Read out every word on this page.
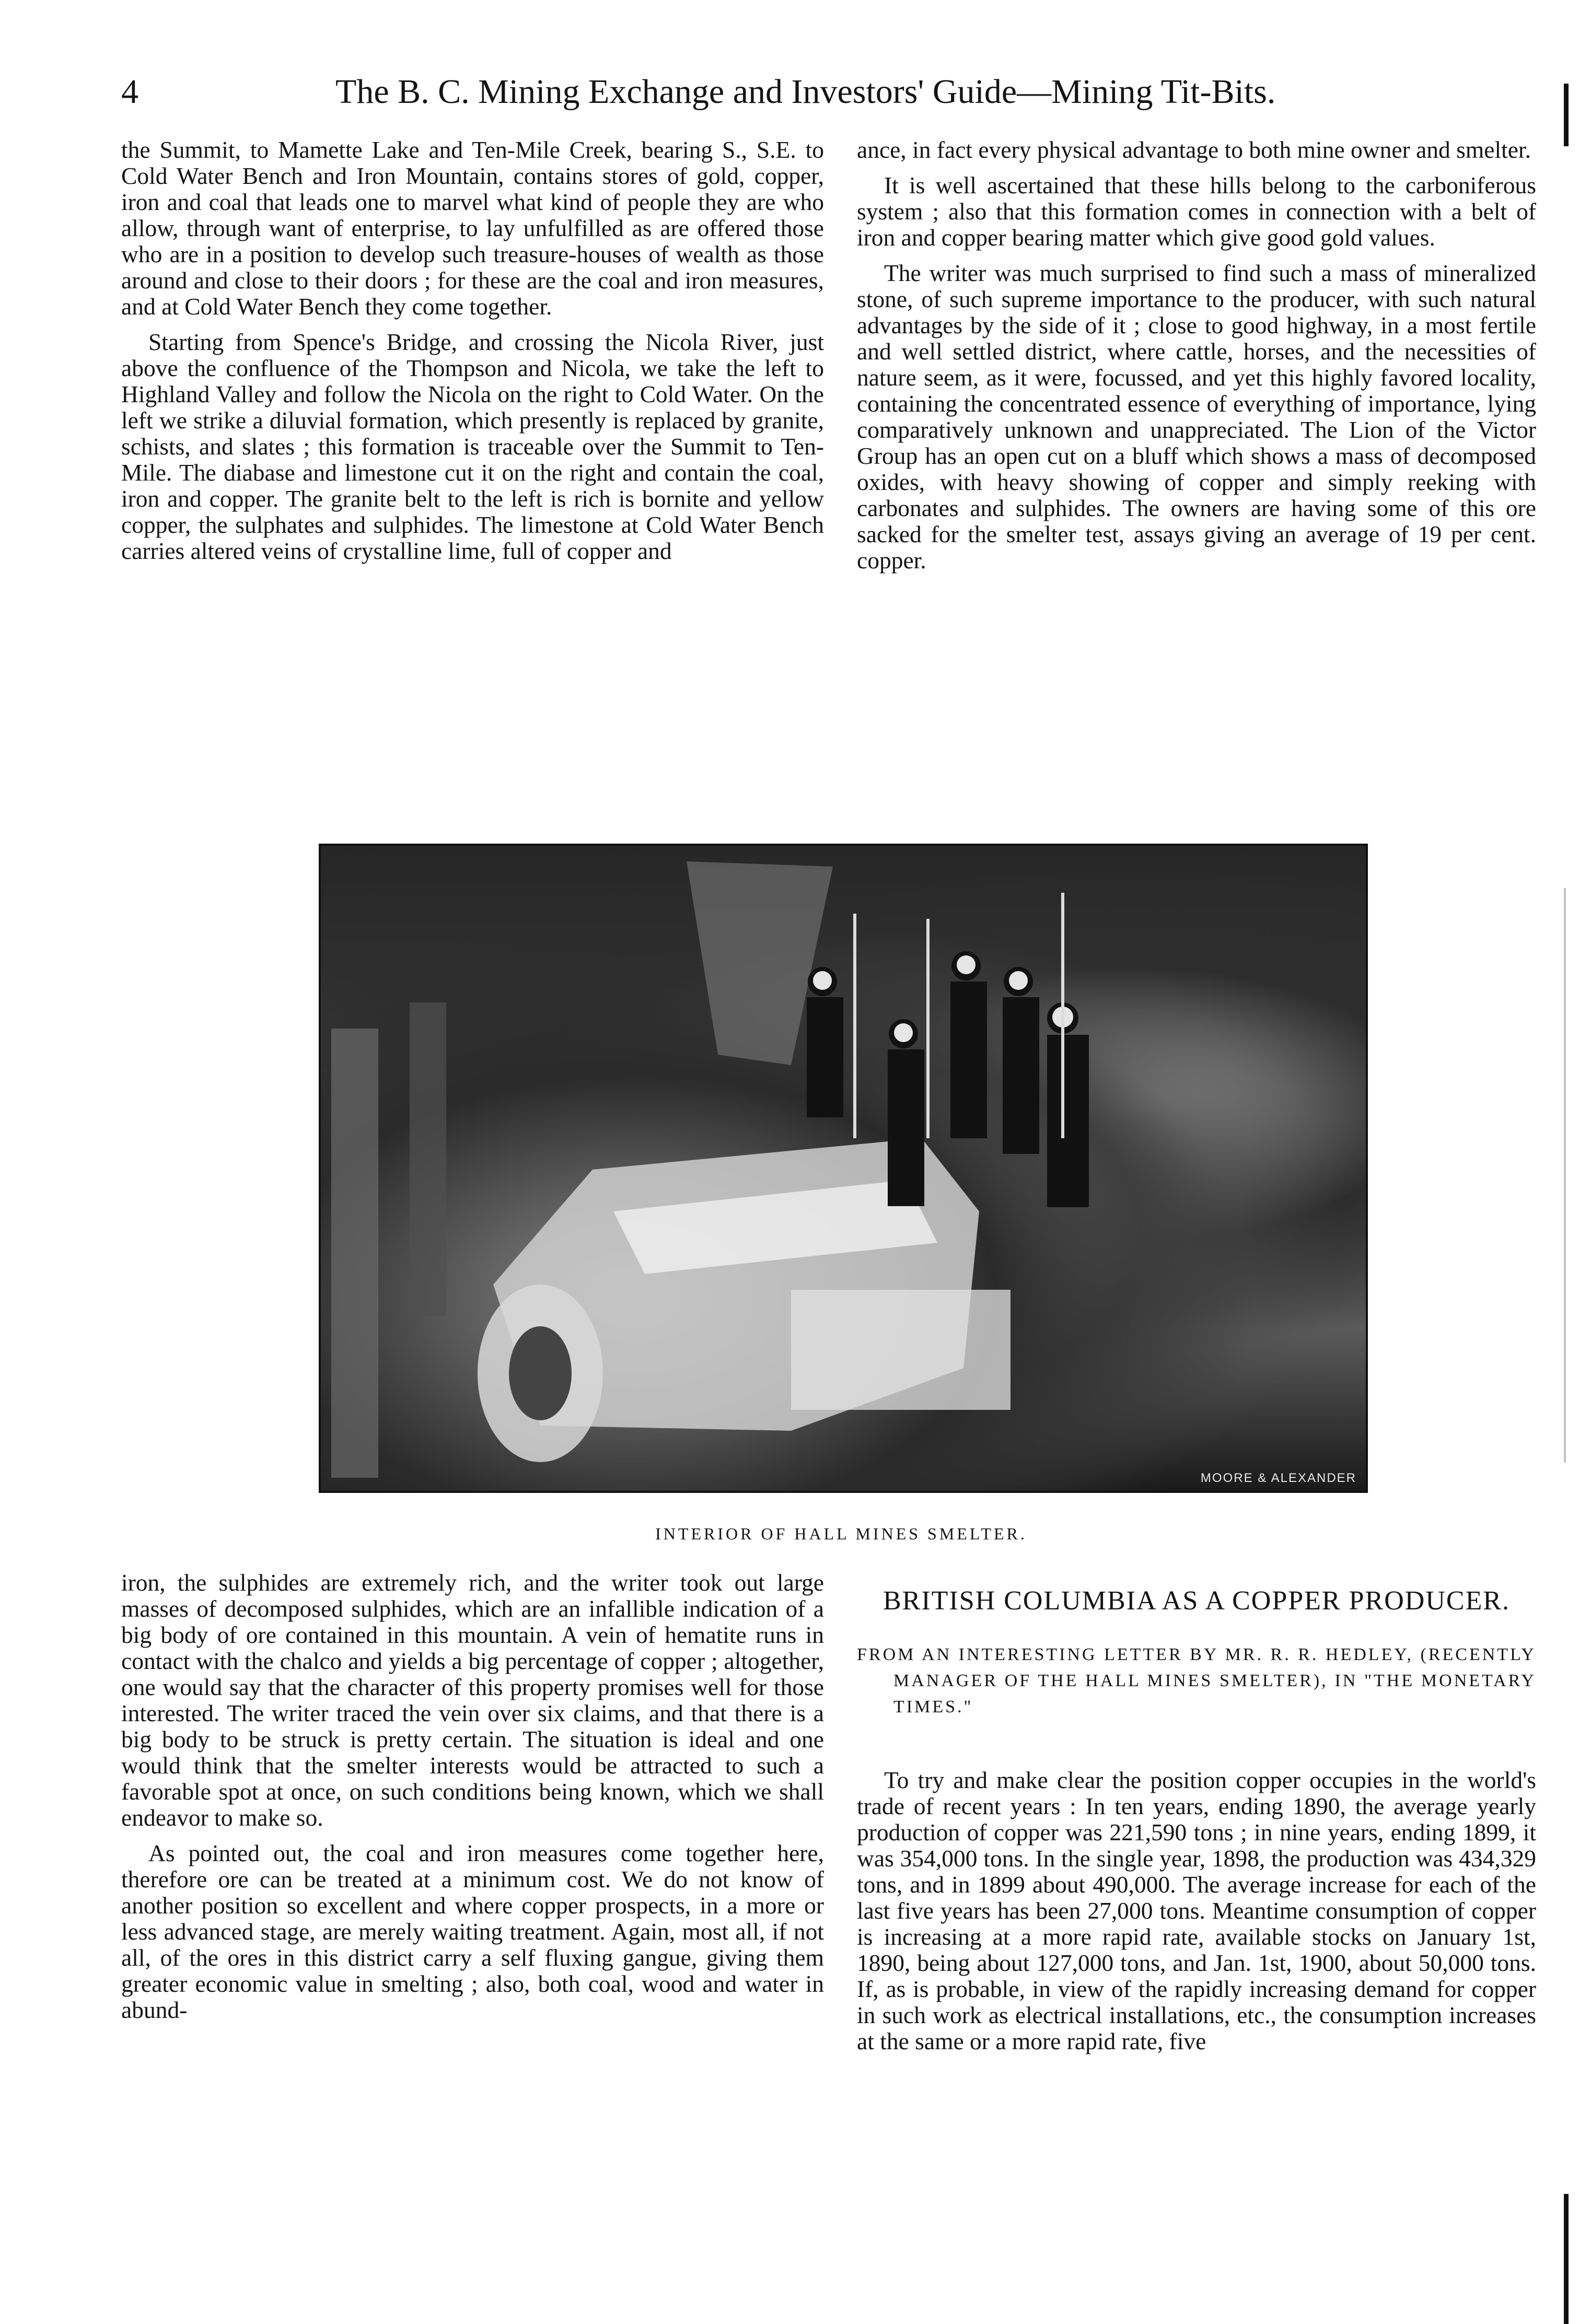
4	The B. C. Mining Exchange and Investors' Guide—Mining Tit-Bits.

the Summit, to Mamette Lake and Ten-Mile Creek, bearing S., S.E. to Cold Water Bench and Iron Mountain, contains stores of gold, copper, iron and coal that leads one to marvel what kind of people they are who allow, through want of enterprise, to lay unfulfilled as are offered those who are in a position to develop such treasure-houses of wealth as those around and close to their doors ; for these are the coal and iron measures, and at Cold Water Bench they come together.

Starting from Spence's Bridge, and crossing the Nicola River, just above the confluence of the Thompson and Nicola, we take the left to Highland Valley and follow the Nicola on the right to Cold Water. On the left we strike a diluvial formation, which presently is replaced by granite, schists, and slates ; this formation is traceable over the Summit to Ten-Mile. The diabase and limestone cut it on the right and contain the coal, iron and copper. The granite belt to the left is rich is bornite and yellow copper, the sulphates and sulphides. The limestone at Cold Water Bench carries altered veins of crystalline lime, full of copper and

ance, in fact every physical advantage to both mine owner and smelter.

It is well ascertained that these hills belong to the carboniferous system ; also that this formation comes in connection with a belt of iron and copper bearing matter which give good gold values.

The writer was much surprised to find such a mass of mineralized stone, of such supreme importance to the producer, with such natural advantages by the side of it ; close to good highway, in a most fertile and well settled district, where cattle, horses, and the necessities of nature seem, as it were, focussed, and yet this highly favored locality, containing the concentrated essence of everything of importance, lying comparatively unknown and unappreciated. The Lion of the Victor Group has an open cut on a bluff which shows a mass of decomposed oxides, with heavy showing of copper and simply reeking with carbonates and sulphides. The owners are having some of this ore sacked for the smelter test, assays giving an average of 19 per cent. copper.

MOORE & ALEXANDER
INTERIOR OF HALL MINES SMELTER.

iron, the sulphides are extremely rich, and the writer took out large masses of decomposed sulphides, which are an infallible indication of a big body of ore contained in this mountain. A vein of hematite runs in contact with the chalco and yields a big percentage of copper ; altogether, one would say that the character of this property promises well for those interested. The writer traced the vein over six claims, and that there is a big body to be struck is pretty certain. The situation is ideal and one would think that the smelter interests would be attracted to such a favorable spot at once, on such conditions being known, which we shall endeavor to make so.

As pointed out, the coal and iron measures come together here, therefore ore can be treated at a minimum cost. We do not know of another position so excellent and where copper prospects, in a more or less advanced stage, are merely waiting treatment. Again, most all, if not all, of the ores in this district carry a self fluxing gangue, giving them greater economic value in smelting ; also, both coal, wood and water in abund-

BRITISH COLUMBIA AS A COPPER PRODUCER.
FROM AN INTERESTING LETTER BY MR. R. R. HEDLEY, (RECENTLY MANAGER OF THE HALL MINES SMELTER), IN "THE MONETARY TIMES."

To try and make clear the position copper occupies in the world's trade of recent years : In ten years, ending 1890, the average yearly production of copper was 221,590 tons ; in nine years, ending 1899, it was 354,000 tons. In the single year, 1898, the production was 434,329 tons, and in 1899 about 490,000. The average increase for each of the last five years has been 27,000 tons. Meantime consumption of copper is increasing at a more rapid rate, available stocks on January 1st, 1890, being about 127,000 tons, and Jan. 1st, 1900, about 50,000 tons. If, as is probable, in view of the rapidly increasing demand for copper in such work as electrical installations, etc., the consumption increases at the same or a more rapid rate, five
